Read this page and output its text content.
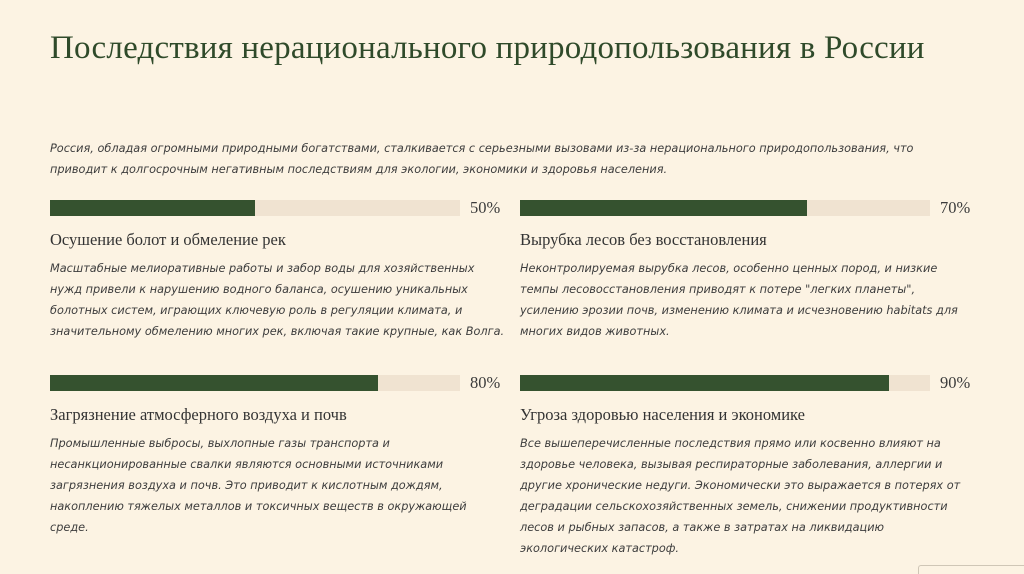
Последствия нерационального природопользования в России
Россия, обладая огромными природными богатствами, сталкивается с серьезными вызовами из-за нерационального природопользования, что приводит к долгосрочным негативным последствиям для экологии, экономики и здоровья населения.
50%
Осушение болот и обмеление рек
Масштабные мелиоративные работы и забор воды для хозяйственных нужд привели к нарушению водного баланса, осушению уникальных болотных систем, играющих ключевую роль в регуляции климата, и значительному обмелению многих рек, включая такие крупные, как Волга.
70%
Вырубка лесов без восстановления
Неконтролируемая вырубка лесов, особенно ценных пород, и низкие темпы лесовосстановления приводят к потере "легких планеты", усилению эрозии почв, изменению климата и исчезновению habitats для многих видов животных.
80%
Загрязнение атмосферного воздуха и почв
Промышленные выбросы, выхлопные газы транспорта и несанкционированные свалки являются основными источниками загрязнения воздуха и почв. Это приводит к кислотным дождям, накоплению тяжелых металлов и токсичных веществ в окружающей среде.
90%
Угроза здоровью населения и экономике
Все вышеперечисленные последствия прямо или косвенно влияют на здоровье человека, вызывая респираторные заболевания, аллергии и другие хронические недуги. Экономически это выражается в потерях от деградации сельскохозяйственных земель, снижении продуктивности лесов и рыбных запасов, а также в затратах на ликвидацию экологических катастроф.
